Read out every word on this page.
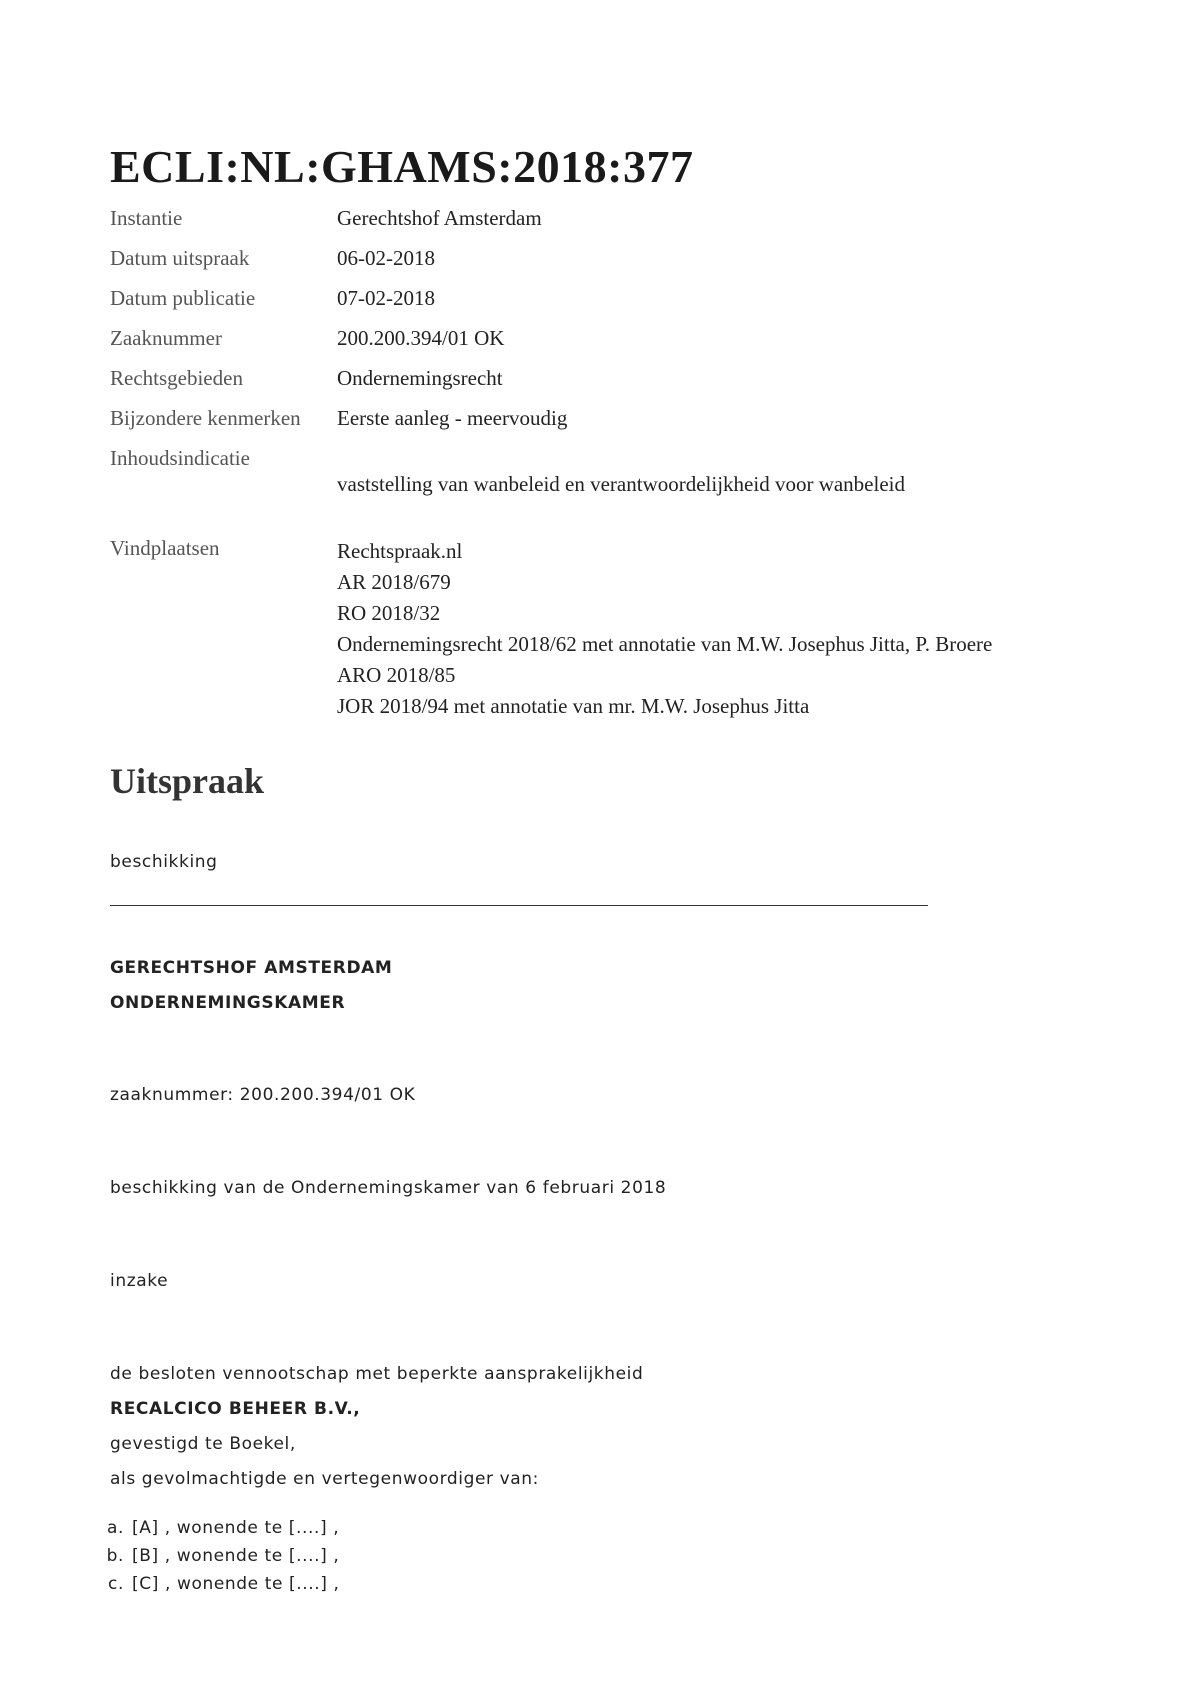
ECLI:NL:GHAMS:2018:377
Instantie	Gerechtshof Amsterdam
Datum uitspraak	06-02-2018
Datum publicatie	07-02-2018
Zaaknummer	200.200.394/01 OK
Rechtsgebieden	Ondernemingsrecht
Bijzondere kenmerken	Eerste aanleg - meervoudig
Inhoudsindicatie
vaststelling van wanbeleid en verantwoordelijkheid voor wanbeleid
Vindplaatsen	Rechtspraak.nl
AR 2018/679
RO 2018/32
Ondernemingsrecht 2018/62 met annotatie van M.W. Josephus Jitta, P. Broere
ARO 2018/85
JOR 2018/94 met annotatie van mr. M.W. Josephus Jitta
Uitspraak

beschikking

GERECHTSHOF AMSTERDAM

ONDERNEMINGSKAMER

zaaknummer: 200.200.394/01 OK

beschikking van de Ondernemingskamer van 6 februari 2018

inzake

de besloten vennootschap met beperkte aansprakelijkheid

RECALCICO BEHEER B.V.,

gevestigd te Boekel,

als gevolmachtigde en vertegenwoordiger van:

a. [A] , wonende te [....] ,
b. [B] , wonende te [....] ,
c. [C] , wonende te [....] ,
